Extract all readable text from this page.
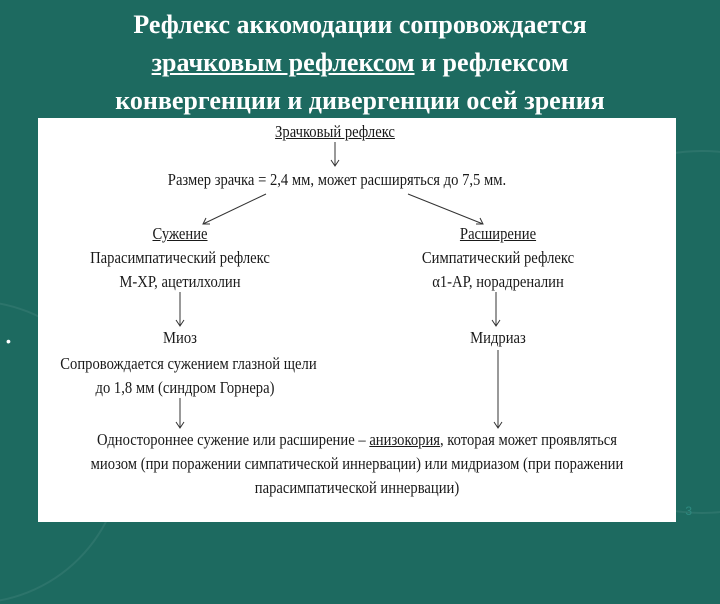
Рефлекс аккомодации сопровождается
зрачковым рефлексом и рефлексом
конвергенции и дивергенции осей зрения
•
Зрачковый рефлекс
Размер зрачка = 2,4 мм, может расширяться до 7,5 мм.
Сужение
Парасимпатический рефлекс
М-ХР, ацетилхолин
Расширение
Симпатический рефлекс
α1-АР, норадреналин
Миоз	Мидриаз
Сопровождается сужением глазной щели
до 1,8 мм (синдром Горнера)
Одностороннее сужение или расширение – анизокория, которая может проявляться
миозом (при поражении симпатической иннервации) или мидриазом (при поражении
парасимпатической иннервации)
3
